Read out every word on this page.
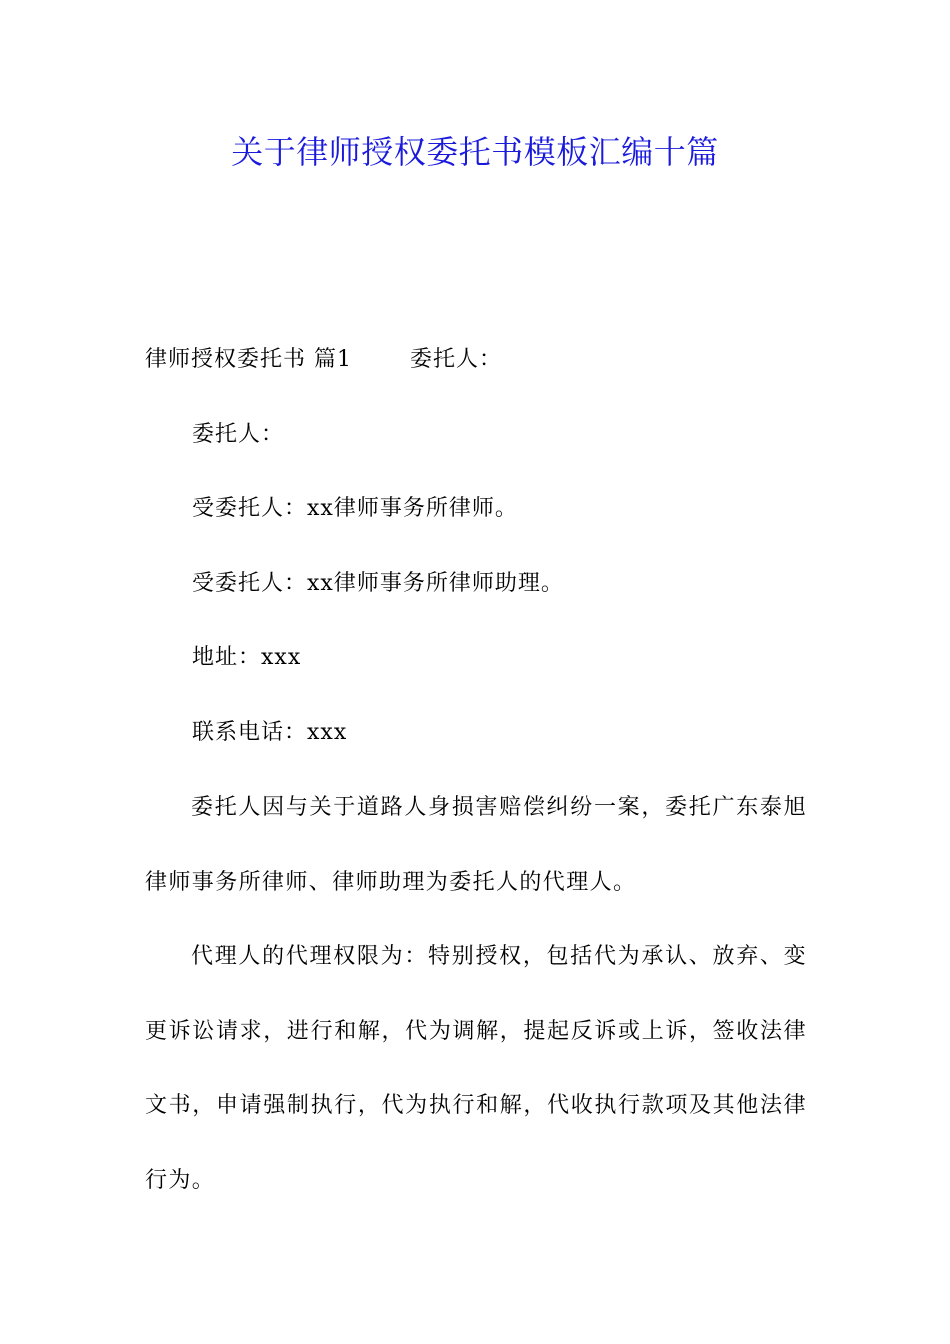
关于律师授权委托书模板汇编十篇
律师授权委托书 篇1	委托人：
委托人：
受委托人：xx律师事务所律师。
受委托人：xx律师事务所律师助理。
地址：xxx
联系电话：xxx

委托人因与关于道路人身损害赔偿纠纷一案，委托广东泰旭律师事务所律师、律师助理为委托人的代理人。

代理人的代理权限为：特别授权，包括代为承认、放弃、变更诉讼请求，进行和解，代为调解，提起反诉或上诉，签收法律文书，申请强制执行，代为执行和解，代收执行款项及其他法律行为。
